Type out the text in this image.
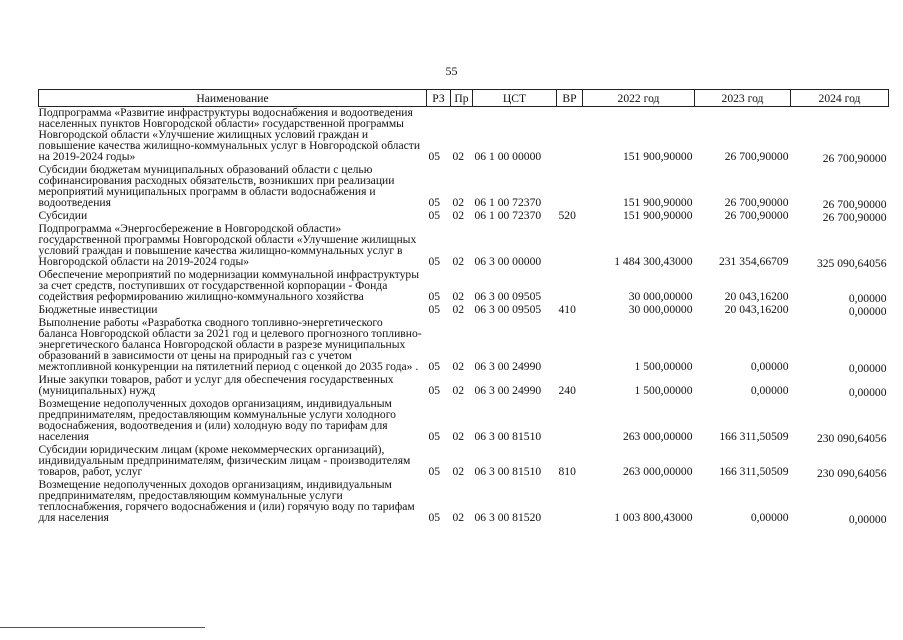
55
Наименование	РЗ	Пр	ЦСТ	ВР	2022 год	2023 год	2024 год
Подпрограмма «Развитие инфраструктуры водоснабжения и водоотведения населенных пунктов Новгородской области» государственной программы Новгородской области «Улучшение жилищных условий граждан и повышение качества жилищно-коммунальных услуг в Новгородской области на 2019-2024 годы»	05	02	06 1 00 00000		151 900,90000	26 700,90000	26 700,90000
Субсидии бюджетам муниципальных образований области с целью софинансирования расходных обязательств, возникших при реализации мероприятий муниципальных программ в области водоснабжения и водоотведения	05	02	06 1 00 72370		151 900,90000	26 700,90000	26 700,90000
Субсидии	05	02	06 1 00 72370	520	151 900,90000	26 700,90000	26 700,90000
Подпрограмма «Энергосбережение в Новгородской области» государственной программы Новгородской области «Улучшение жилищных условий граждан и повышение качества жилищно-коммунальных услуг в Новгородской области на 2019-2024 годы»	05	02	06 3 00 00000		1 484 300,43000	231 354,66709	325 090,64056
Обеспечение мероприятий по модернизации коммунальной инфраструктуры за счет средств, поступивших от государственной корпорации - Фонда содействия реформированию жилищно-коммунального хозяйства	05	02	06 3 00 09505		30 000,00000	20 043,16200	0,00000
Бюджетные инвестиции	05	02	06 3 00 09505	410	30 000,00000	20 043,16200	0,00000
Выполнение работы «Разработка сводного топливно-энергетического баланса Новгородской области за 2021 год и целевого прогнозного топливно-энергетического баланса Новгородской области в разрезе муниципальных образований в зависимости от цены на природный газ с учетом межтопливной конкуренции на пятилетний период с оценкой до 2035 года» .	05	02	06 3 00 24990		1 500,00000	0,00000	0,00000
Иные закупки товаров, работ и услуг для обеспечения государственных (муниципальных) нужд	05	02	06 3 00 24990	240	1 500,00000	0,00000	0,00000
Возмещение недополученных доходов организациям, индивидуальным предпринимателям, предоставляющим коммунальные услуги холодного водоснабжения, водоотведения и (или) холодную воду по тарифам для населения	05	02	06 3 00 81510		263 000,00000	166 311,50509	230 090,64056
Субсидии юридическим лицам (кроме некоммерческих организаций), индивидуальным предпринимателям, физическим лицам - производителям товаров, работ, услуг	05	02	06 3 00 81510	810	263 000,00000	166 311,50509	230 090,64056
Возмещение недополученных доходов организациям, индивидуальным предпринимателям, предоставляющим коммунальные услуги теплоснабжения, горячего водоснабжения и (или) горячую воду по тарифам для населения	05	02	06 3 00 81520		1 003 800,43000	0,00000	0,00000
